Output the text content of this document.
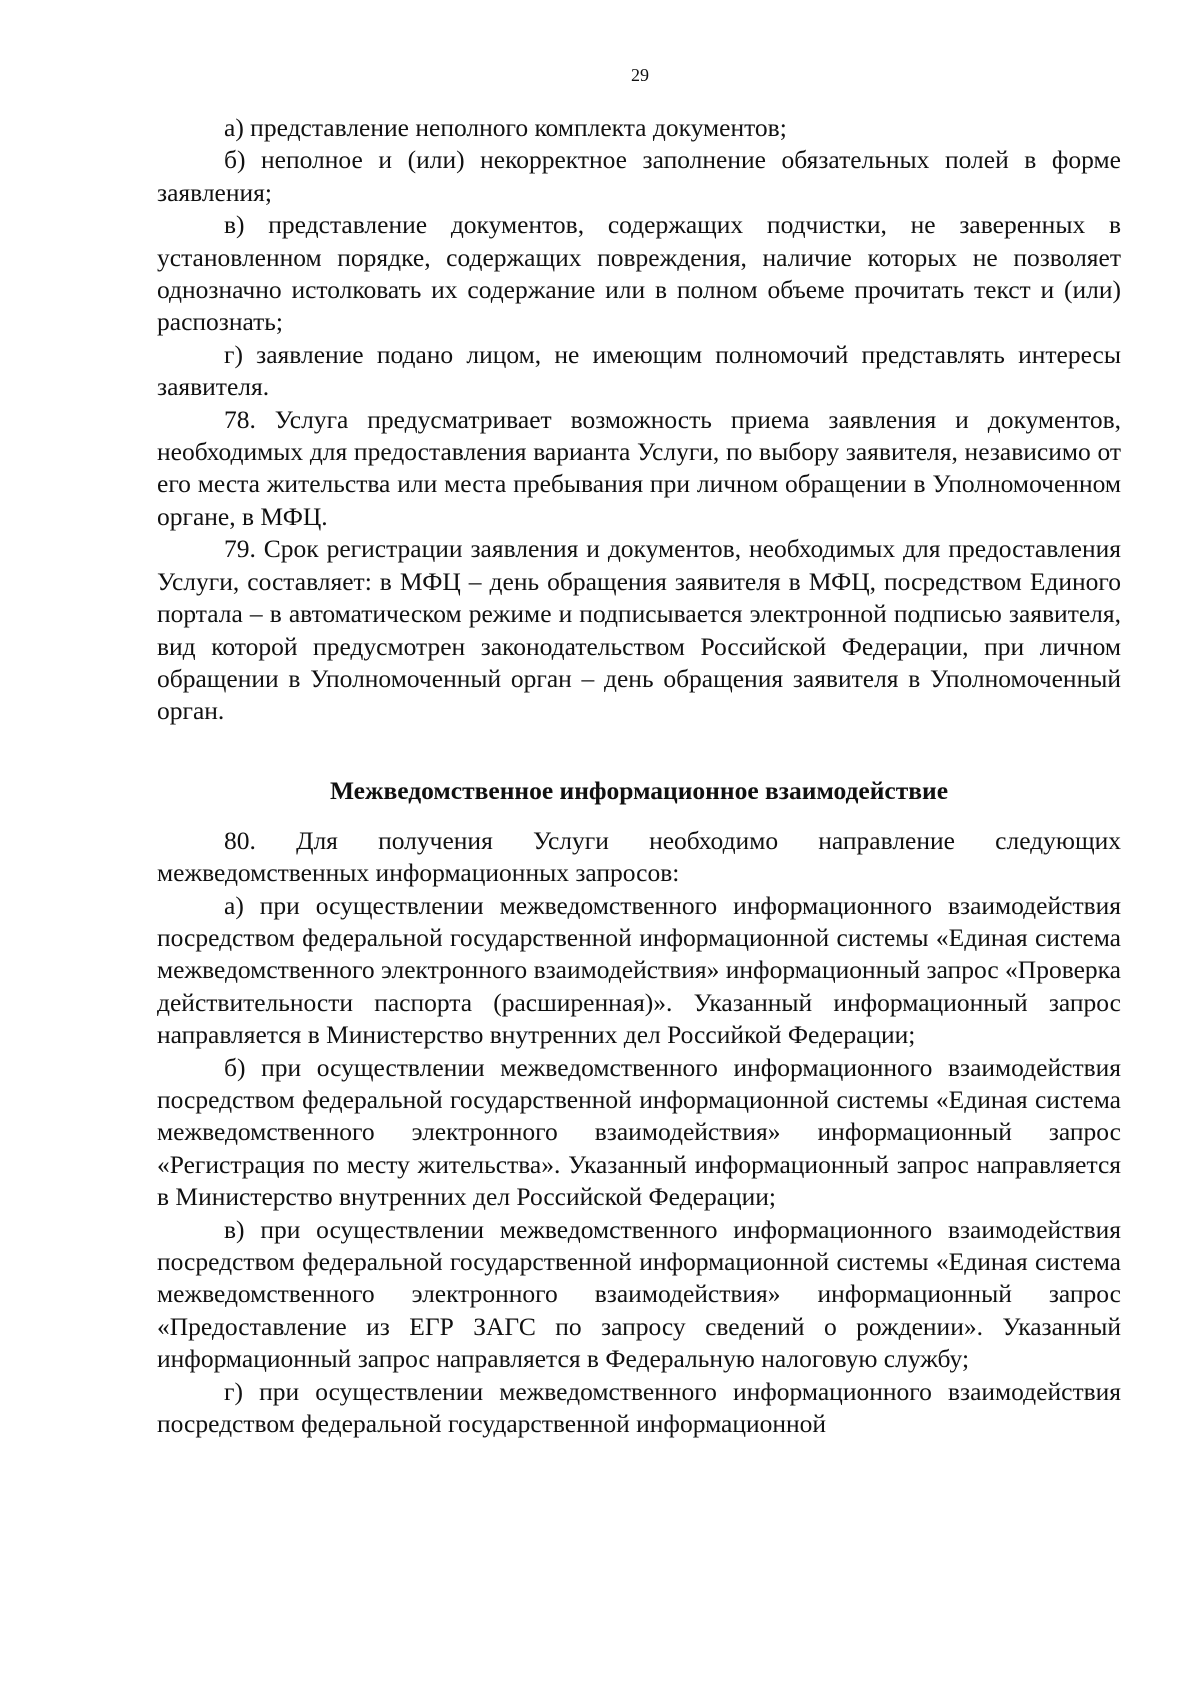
29

а) представление неполного комплекта документов;

б) неполное и (или) некорректное заполнение обязательных полей в форме заявления;

в) представление документов, содержащих подчистки, не заверенных в установленном порядке, содержащих повреждения, наличие которых не позволяет однозначно истолковать их содержание или в полном объеме прочитать текст и (или) распознать;

г) заявление подано лицом, не имеющим полномочий представлять интересы заявителя.

78. Услуга предусматривает возможность приема заявления и документов, необходимых для предоставления варианта Услуги, по выбору заявителя, независимо от его места жительства или места пребывания при личном обращении в Уполномоченном органе, в МФЦ.

79. Срок регистрации заявления и документов, необходимых для предоставления Услуги, составляет: в МФЦ – день обращения заявителя в МФЦ, посредством Единого портала – в автоматическом режиме и подписывается электронной подписью заявителя, вид которой предусмотрен законодательством Российской Федерации, при личном обращении в Уполномоченный орган – день обращения заявителя в Уполномоченный орган.

Межведомственное информационное взаимодействие

80. Для получения Услуги необходимо направление следующих межведомственных информационных запросов:

а) при осуществлении межведомственного информационного взаимодействия посредством федеральной государственной информационной системы «Единая система межведомственного электронного взаимодействия» информационный запрос «Проверка действительности паспорта (расширенная)». Указанный информационный запрос направляется в Министерство внутренних дел Российкой Федерации;

б) при осуществлении межведомственного информационного взаимодействия посредством федеральной государственной информационной системы «Единая система межведомственного электронного взаимодействия» информационный запрос «Регистрация по месту жительства». Указанный информационный запрос направляется в Министерство внутренних дел Российской Федерации;

в) при осуществлении межведомственного информационного взаимодействия посредством федеральной государственной информационной системы «Единая система межведомственного электронного взаимодействия» информационный запрос «Предоставление из ЕГР ЗАГС по запросу сведений о рождении». Указанный информационный запрос направляется в Федеральную налоговую службу;

г) при осуществлении межведомственного информационного взаимодействия посредством федеральной государственной информационной
